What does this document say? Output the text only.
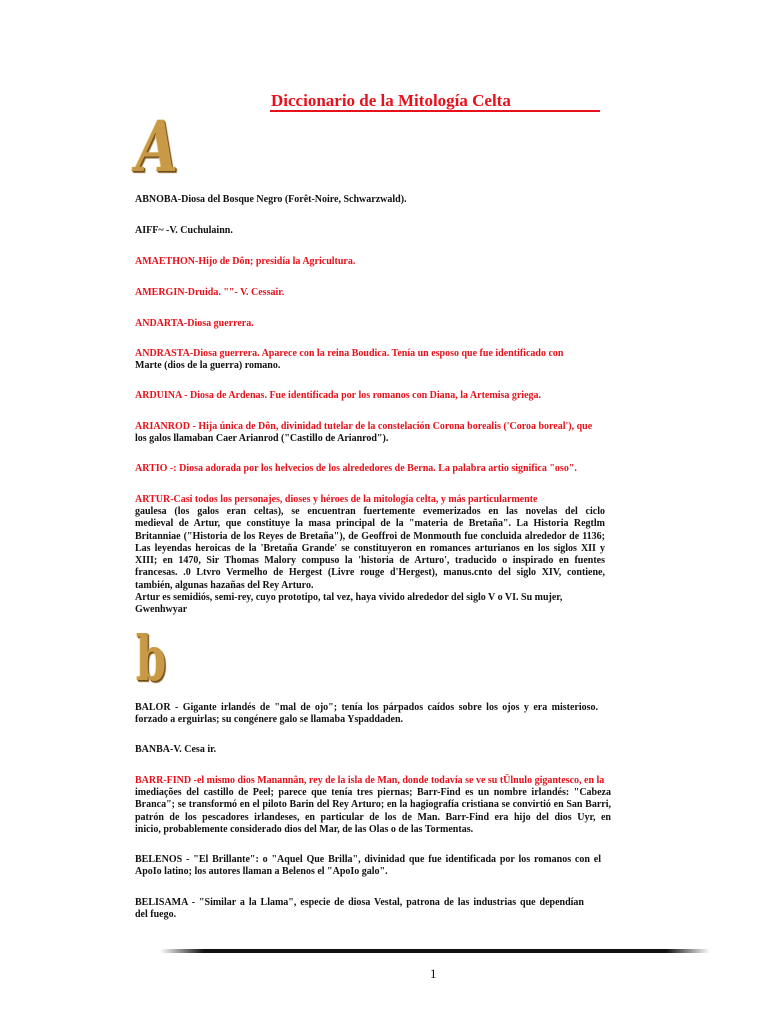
Diccionario de la Mitología Celta
A
ABNOBA-Diosa del Bosque Negro (Forêt-Noire, Schwarzwald).
AIFF~ -V. Cuchulainn.
AMAETHON-Hijo de Dôn; presidía la Agricultura.
AMERGIN-Druida. ""- V. Cessair.
ANDARTA-Diosa guerrera.
ANDRASTA-Diosa guerrera. Aparece con la reina Boudica. Tenía un esposo que fue identificado con
Marte (dios de la guerra) romano.
ARDUINA - Diosa de Ardenas. Fue identificada por los romanos con Diana, la Artemisa griega.
ARIANROD - Hija única de Dôn, divinidad tutelar de la constelación Corona borealis ('Coroa boreal'), que
los galos llamaban Caer Arianrod ("Castillo de Arianrod").
ARTIO -: Diosa adorada por los helvecios de los alrededores de Berna. La palabra artio significa "oso".
ARTUR-Casi todos los personajes, dioses y héroes de la mitología celta, y más particularmente
gaulesa (los galos eran celtas), se encuentran fuertemente evemerizados en las novelas del ciclo
medieval de Artur, que constituye la masa principal de la "materia de Bretaña". La Historia Regtlm
Britanniae ("Historia de los Reyes de Bretaña"), de Geoffroi de Monmouth fue concluida alrededor de 1136;
Las leyendas heroicas de la 'Bretaña Grande' se constituyeron en romances arturianos en los siglos XII y
XIII; en 1470, Sir Thomas Malory compuso la 'historia de Arturo', traducido o inspirado en fuentes
francesas. .0 Ltvro Vermelho de Hergest (Livre rouge d'Hergest), manus.cnto del siglo XIV, contiene,
también, algunas hazañas del Rey Arturo.
Artur es semidiós, semi-rey, cuyo prototipo, tal vez, haya vivido alrededor del siglo V o VI. Su mujer,
Gwenhwyar
b
BALOR - Gigante irlandés de "mal de ojo"; tenía los párpados caídos sobre los ojos y era misterioso.
forzado a erguirlas; su congénere galo se llamaba Yspaddaden.
BANBA-V. Cesa ir.
BARR-FIND -el mismo dios Manannân, rey de la isla de Man, donde todavía se ve su tÜlnulo gigantesco, en la
imediações del castillo de Peel; parece que tenía tres piernas; Barr-Find es un nombre irlandés: "Cabeza
Branca"; se transformó en el piloto Barin del Rey Arturo; en la hagiografía cristiana se convirtió en San Barri,
patrón de los pescadores irlandeses, en particular de los de Man. Barr-Find era hijo del dios Uyr, en
inicio, probablemente considerado dios del Mar, de las Olas o de las Tormentas.
BELENOS - "El Brillante": o "Aquel Que Brilla", divinidad que fue identificada por los romanos con el
ApoIo latino; los autores llaman a Belenos el "ApoIo galo".
BELISAMA - "Similar a la Llama", especie de diosa Vestal, patrona de las industrias que dependían
del fuego.
1
